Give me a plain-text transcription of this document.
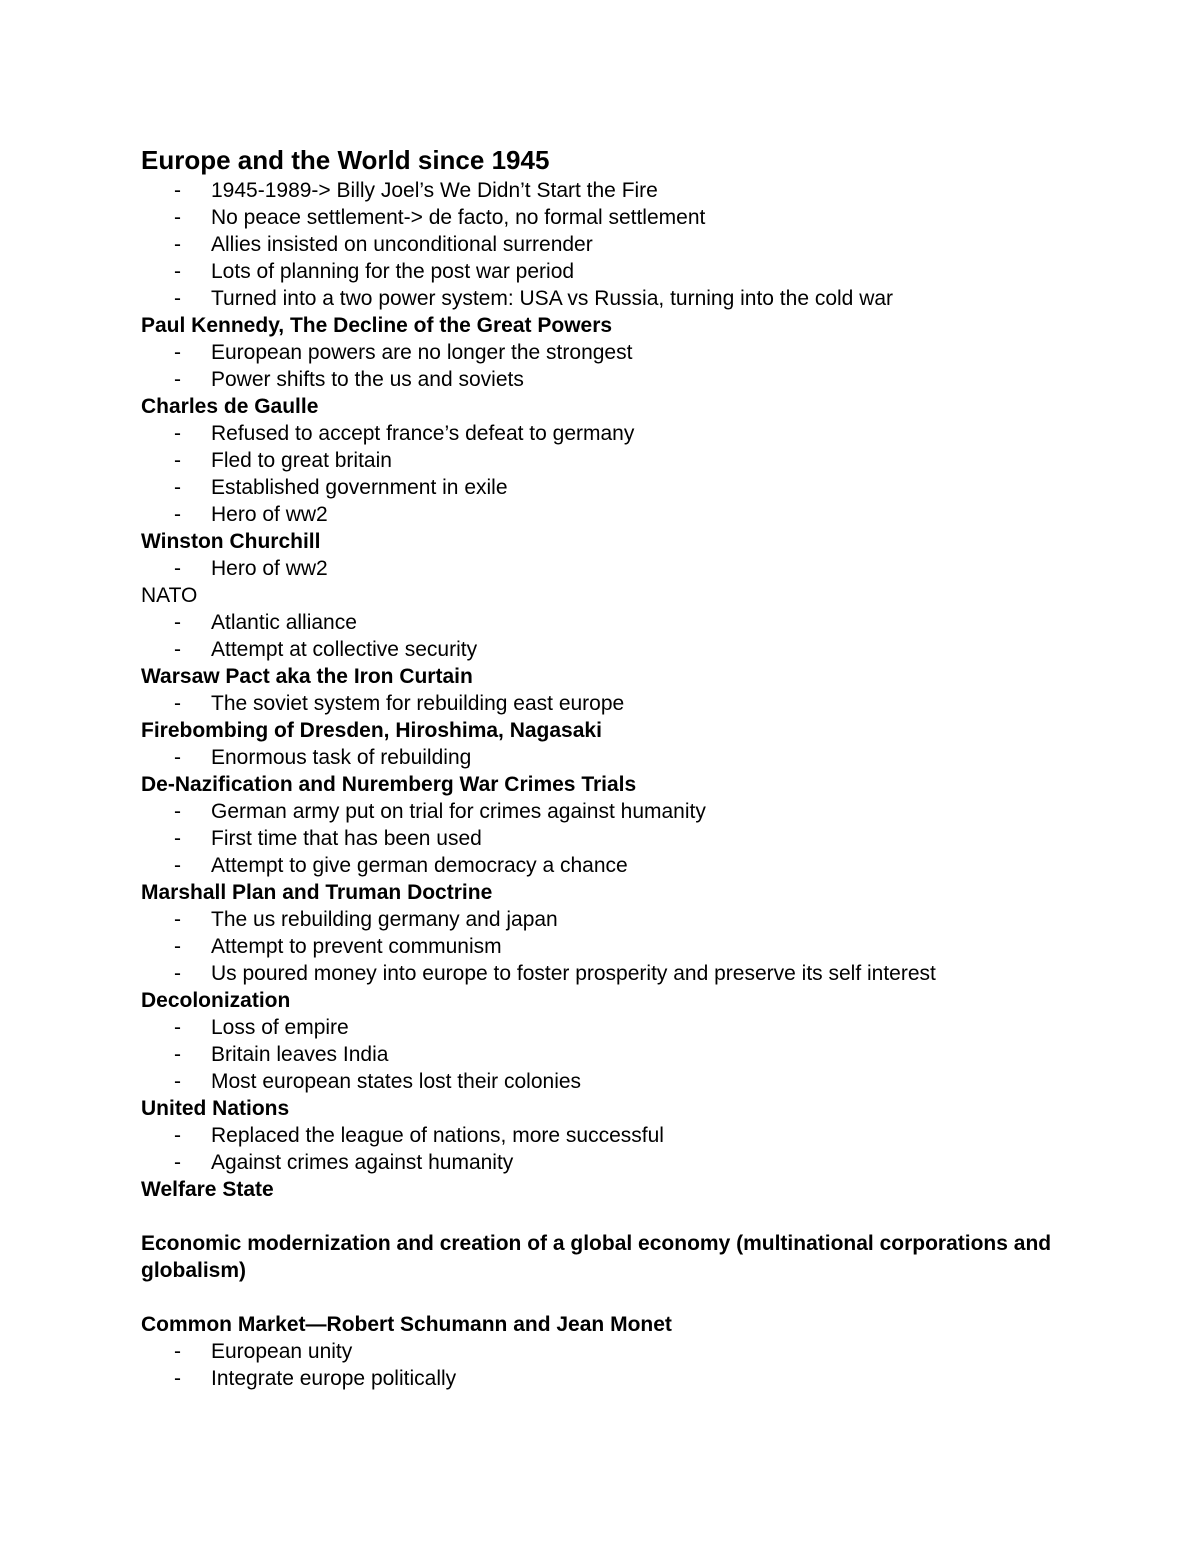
Europe and the World since 1945
- 1945-1989-> Billy Joel’s We Didn’t Start the Fire
- No peace settlement-> de facto, no formal settlement
- Allies insisted on unconditional surrender
- Lots of planning for the post war period
- Turned into a two power system: USA vs Russia, turning into the cold war
Paul Kennedy, The Decline of the Great Powers
- European powers are no longer the strongest
- Power shifts to the us and soviets
Charles de Gaulle
- Refused to accept france’s defeat to germany
- Fled to great britain
- Established government in exile
- Hero of ww2
Winston Churchill
- Hero of ww2
NATO
- Atlantic alliance
- Attempt at collective security
Warsaw Pact aka the Iron Curtain
- The soviet system for rebuilding east europe
Firebombing of Dresden, Hiroshima, Nagasaki
- Enormous task of rebuilding
De-Nazification and Nuremberg War Crimes Trials
- German army put on trial for crimes against humanity
- First time that has been used
- Attempt to give german democracy a chance
Marshall Plan and Truman Doctrine
- The us rebuilding germany and japan
- Attempt to prevent communism
- Us poured money into europe to foster prosperity and preserve its self interest
Decolonization
- Loss of empire
- Britain leaves India
- Most european states lost their colonies
United Nations
- Replaced the league of nations, more successful
- Against crimes against humanity
Welfare State
Economic modernization and creation of a global economy (multinational corporations and globalism)
Common Market—Robert Schumann and Jean Monet
- European unity
- Integrate europe politically
